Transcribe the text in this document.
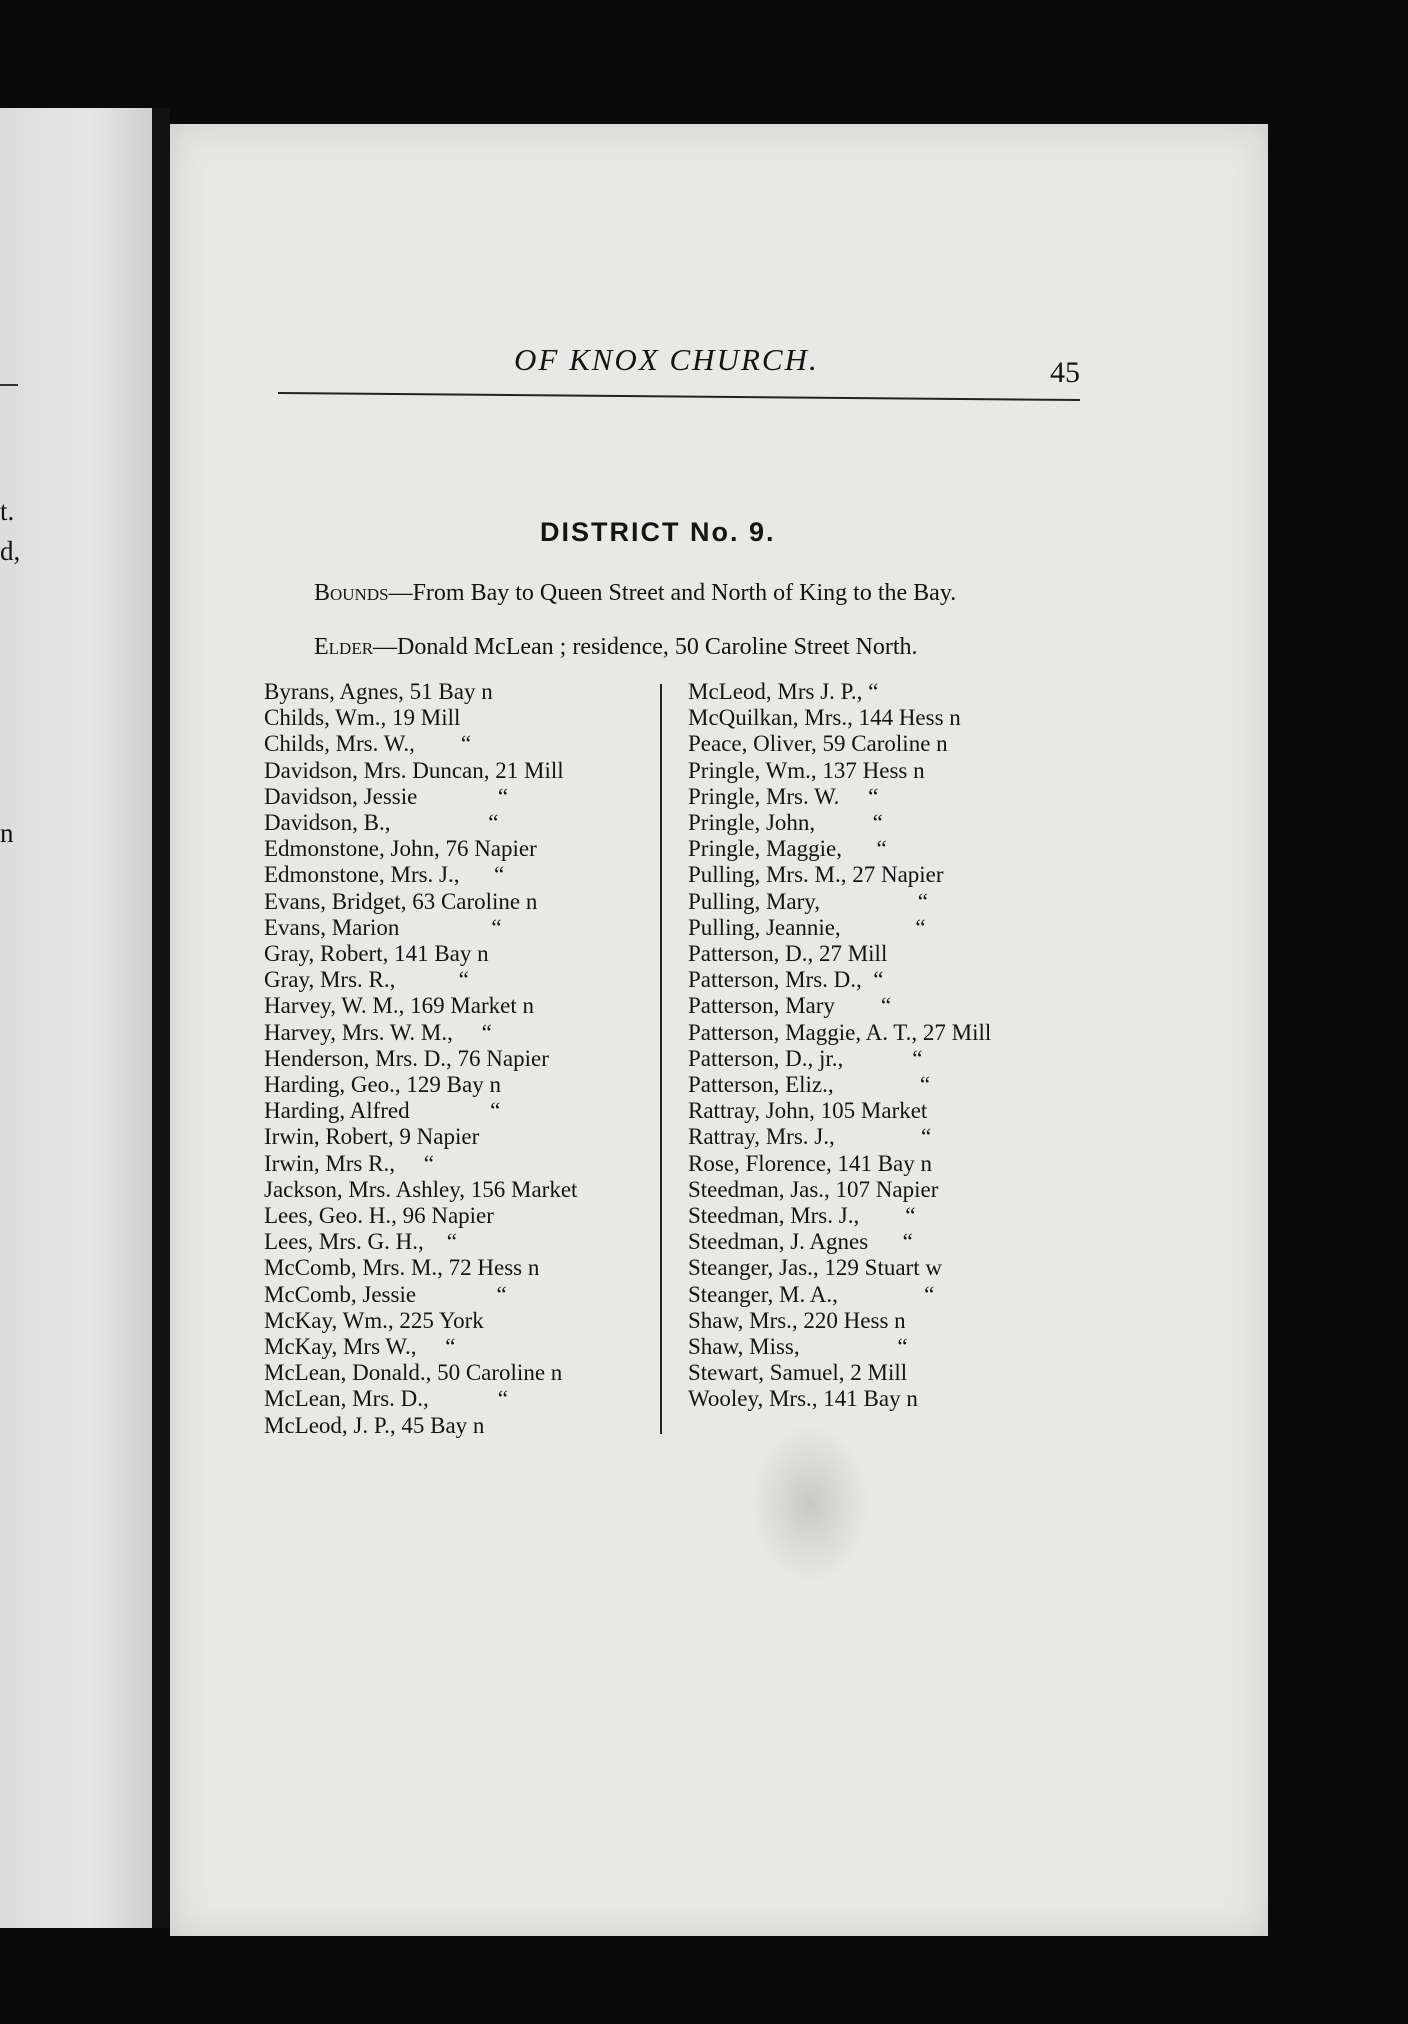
t.
d,
n
OF KNOX CHURCH.	45
DISTRICT No. 9.
Bounds—From Bay to Queen Street and North of King to the Bay.
Elder—Donald McLean ; residence, 50 Caroline Street North.
Byrans, Agnes, 51 Bay n
Childs, Wm., 19 Mill
Childs, Mrs. W.,        “
Davidson, Mrs. Duncan, 21 Mill
Davidson, Jessie              “
Davidson, B.,                 “
Edmonstone, John, 76 Napier
Edmonstone, Mrs. J.,      “
Evans, Bridget, 63 Caroline n
Evans, Marion                “
Gray, Robert, 141 Bay n
Gray, Mrs. R.,           “
Harvey, W. M., 169 Market n
Harvey, Mrs. W. M.,     “
Henderson, Mrs. D., 76 Napier
Harding, Geo., 129 Bay n
Harding, Alfred              “
Irwin, Robert, 9 Napier
Irwin, Mrs R.,     “
Jackson, Mrs. Ashley, 156 Market
Lees, Geo. H., 96 Napier
Lees, Mrs. G. H.,    “
McComb, Mrs. M., 72 Hess n
McComb, Jessie              “
McKay, Wm., 225 York
McKay, Mrs W.,     “
McLean, Donald., 50 Caroline n
McLean, Mrs. D.,            “
McLeod, J. P., 45 Bay n
McLeod, Mrs J. P., “
McQuilkan, Mrs., 144 Hess n
Peace, Oliver, 59 Caroline n
Pringle, Wm., 137 Hess n
Pringle, Mrs. W.     “
Pringle, John,          “
Pringle, Maggie,      “
Pulling, Mrs. M., 27 Napier
Pulling, Mary,                 “
Pulling, Jeannie,             “
Patterson, D., 27 Mill
Patterson, Mrs. D.,  “
Patterson, Mary        “
Patterson, Maggie, A. T., 27 Mill
Patterson, D., jr.,            “
Patterson, Eliz.,               “
Rattray, John, 105 Market
Rattray, Mrs. J.,               “
Rose, Florence, 141 Bay n
Steedman, Jas., 107 Napier
Steedman, Mrs. J.,        “
Steedman, J. Agnes      “
Steanger, Jas., 129 Stuart w
Steanger, M. A.,               “
Shaw, Mrs., 220 Hess n
Shaw, Miss,                 “
Stewart, Samuel, 2 Mill
Wooley, Mrs., 141 Bay n
